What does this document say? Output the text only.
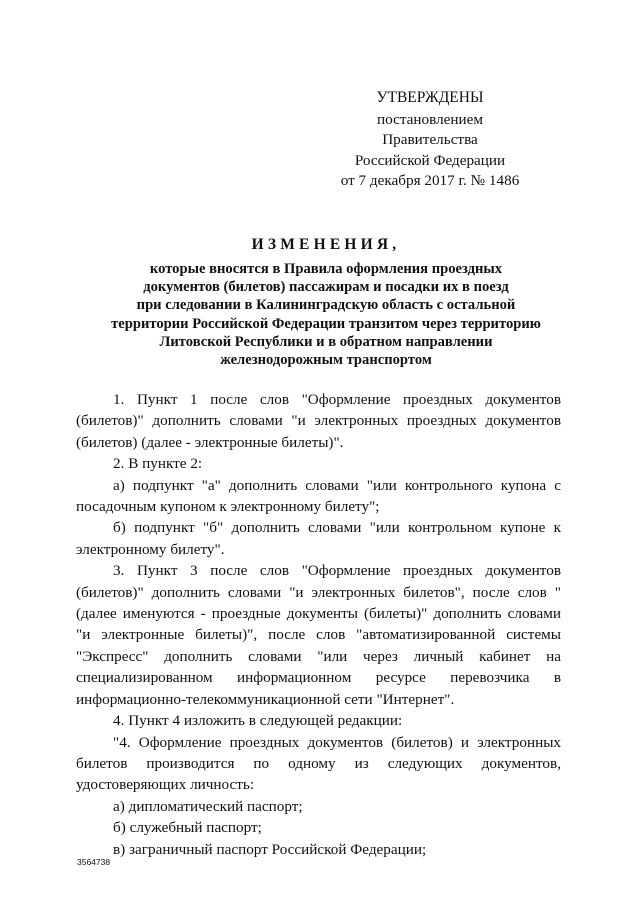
УТВЕРЖДЕНЫ
постановлением Правительства
Российской Федерации
от 7 декабря 2017 г. № 1486
ИЗМЕНЕНИЯ,
которые вносятся в Правила оформления проездных
документов (билетов) пассажирам и посадки их в поезд
при следовании в Калининградскую область с остальной
территории Российской Федерации транзитом через территорию
Литовской Республики и в обратном направлении
железнодорожным транспортом

1. Пункт 1 после слов "Оформление проездных документов (билетов)" дополнить словами "и электронных проездных документов (билетов) (далее - электронные билеты)".

2. В пункте 2:

а) подпункт "а" дополнить словами "или контрольного купона с посадочным купоном к электронному билету";

б) подпункт "б" дополнить словами "или контрольном купоне к электронному билету".

3. Пункт 3 после слов "Оформление проездных документов (билетов)" дополнить словами "и электронных билетов", после слов "(далее именуются - проездные документы (билеты)" дополнить словами "и электронные билеты)", после слов "автоматизированной системы "Экспресс" дополнить словами "или через личный кабинет на специализированном информационном ресурсе перевозчика в информационно-телекоммуникационной сети "Интернет".

4. Пункт 4 изложить в следующей редакции:

"4. Оформление проездных документов (билетов) и электронных билетов производится по одному из следующих документов, удостоверяющих личность:

а) дипломатический паспорт;

б) служебный паспорт;

в) заграничный паспорт Российской Федерации;

3564738
